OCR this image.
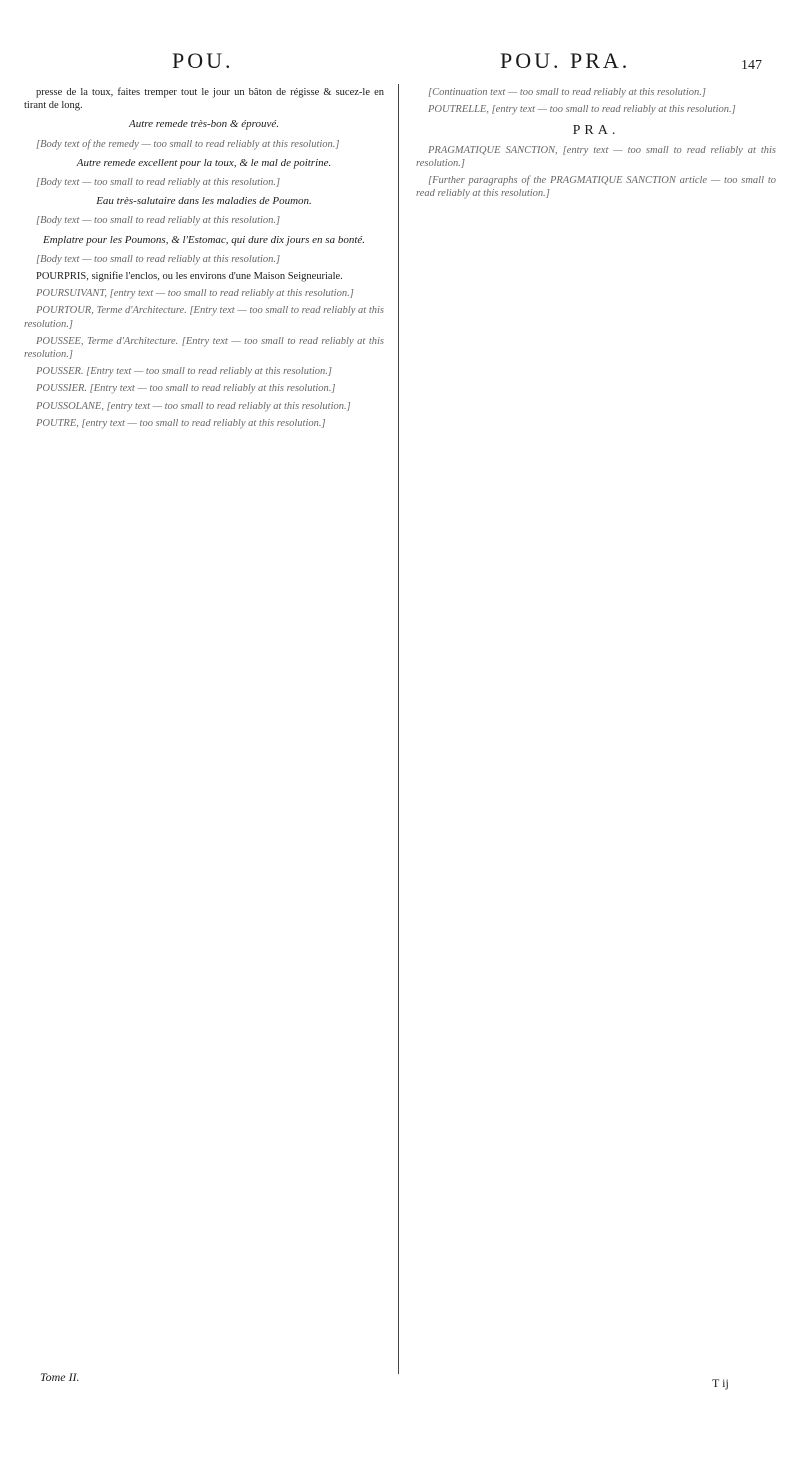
POU.	POU. PRA.	147

presse de la toux, faites tremper tout le jour un bâton de régisse & sucez-le en tirant de long.

Autre remede très-bon & éprouvé.

[Body text of the remedy — too small to read reliably at this resolution.]

Autre remede excellent pour la toux, & le mal de poitrine.

[Body text — too small to read reliably at this resolution.]

Eau très-salutaire dans les maladies de Poumon.

[Body text — too small to read reliably at this resolution.]

Emplatre pour les Poumons, & l'Estomac, qui dure dix jours en sa bonté.

[Body text — too small to read reliably at this resolution.]

POURPRIS, signifie l'enclos, ou les environs d'une Maison Seigneuriale.

POURSUIVANT, [entry text — too small to read reliably at this resolution.]

POURTOUR, Terme d'Architecture. [Entry text — too small to read reliably at this resolution.]

POUSSEE, Terme d'Architecture. [Entry text — too small to read reliably at this resolution.]

POUSSER. [Entry text — too small to read reliably at this resolution.]

POUSSIER. [Entry text — too small to read reliably at this resolution.]

POUSSOLANE, [entry text — too small to read reliably at this resolution.]

POUTRE, [entry text — too small to read reliably at this resolution.]

[Continuation text — too small to read reliably at this resolution.]

POUTRELLE, [entry text — too small to read reliably at this resolution.]

PRA.

PRAGMATIQUE SANCTION, [entry text — too small to read reliably at this resolution.]

[Further paragraphs of the PRAGMATIQUE SANCTION article — too small to read reliably at this resolution.]

Tome II.	T ij
